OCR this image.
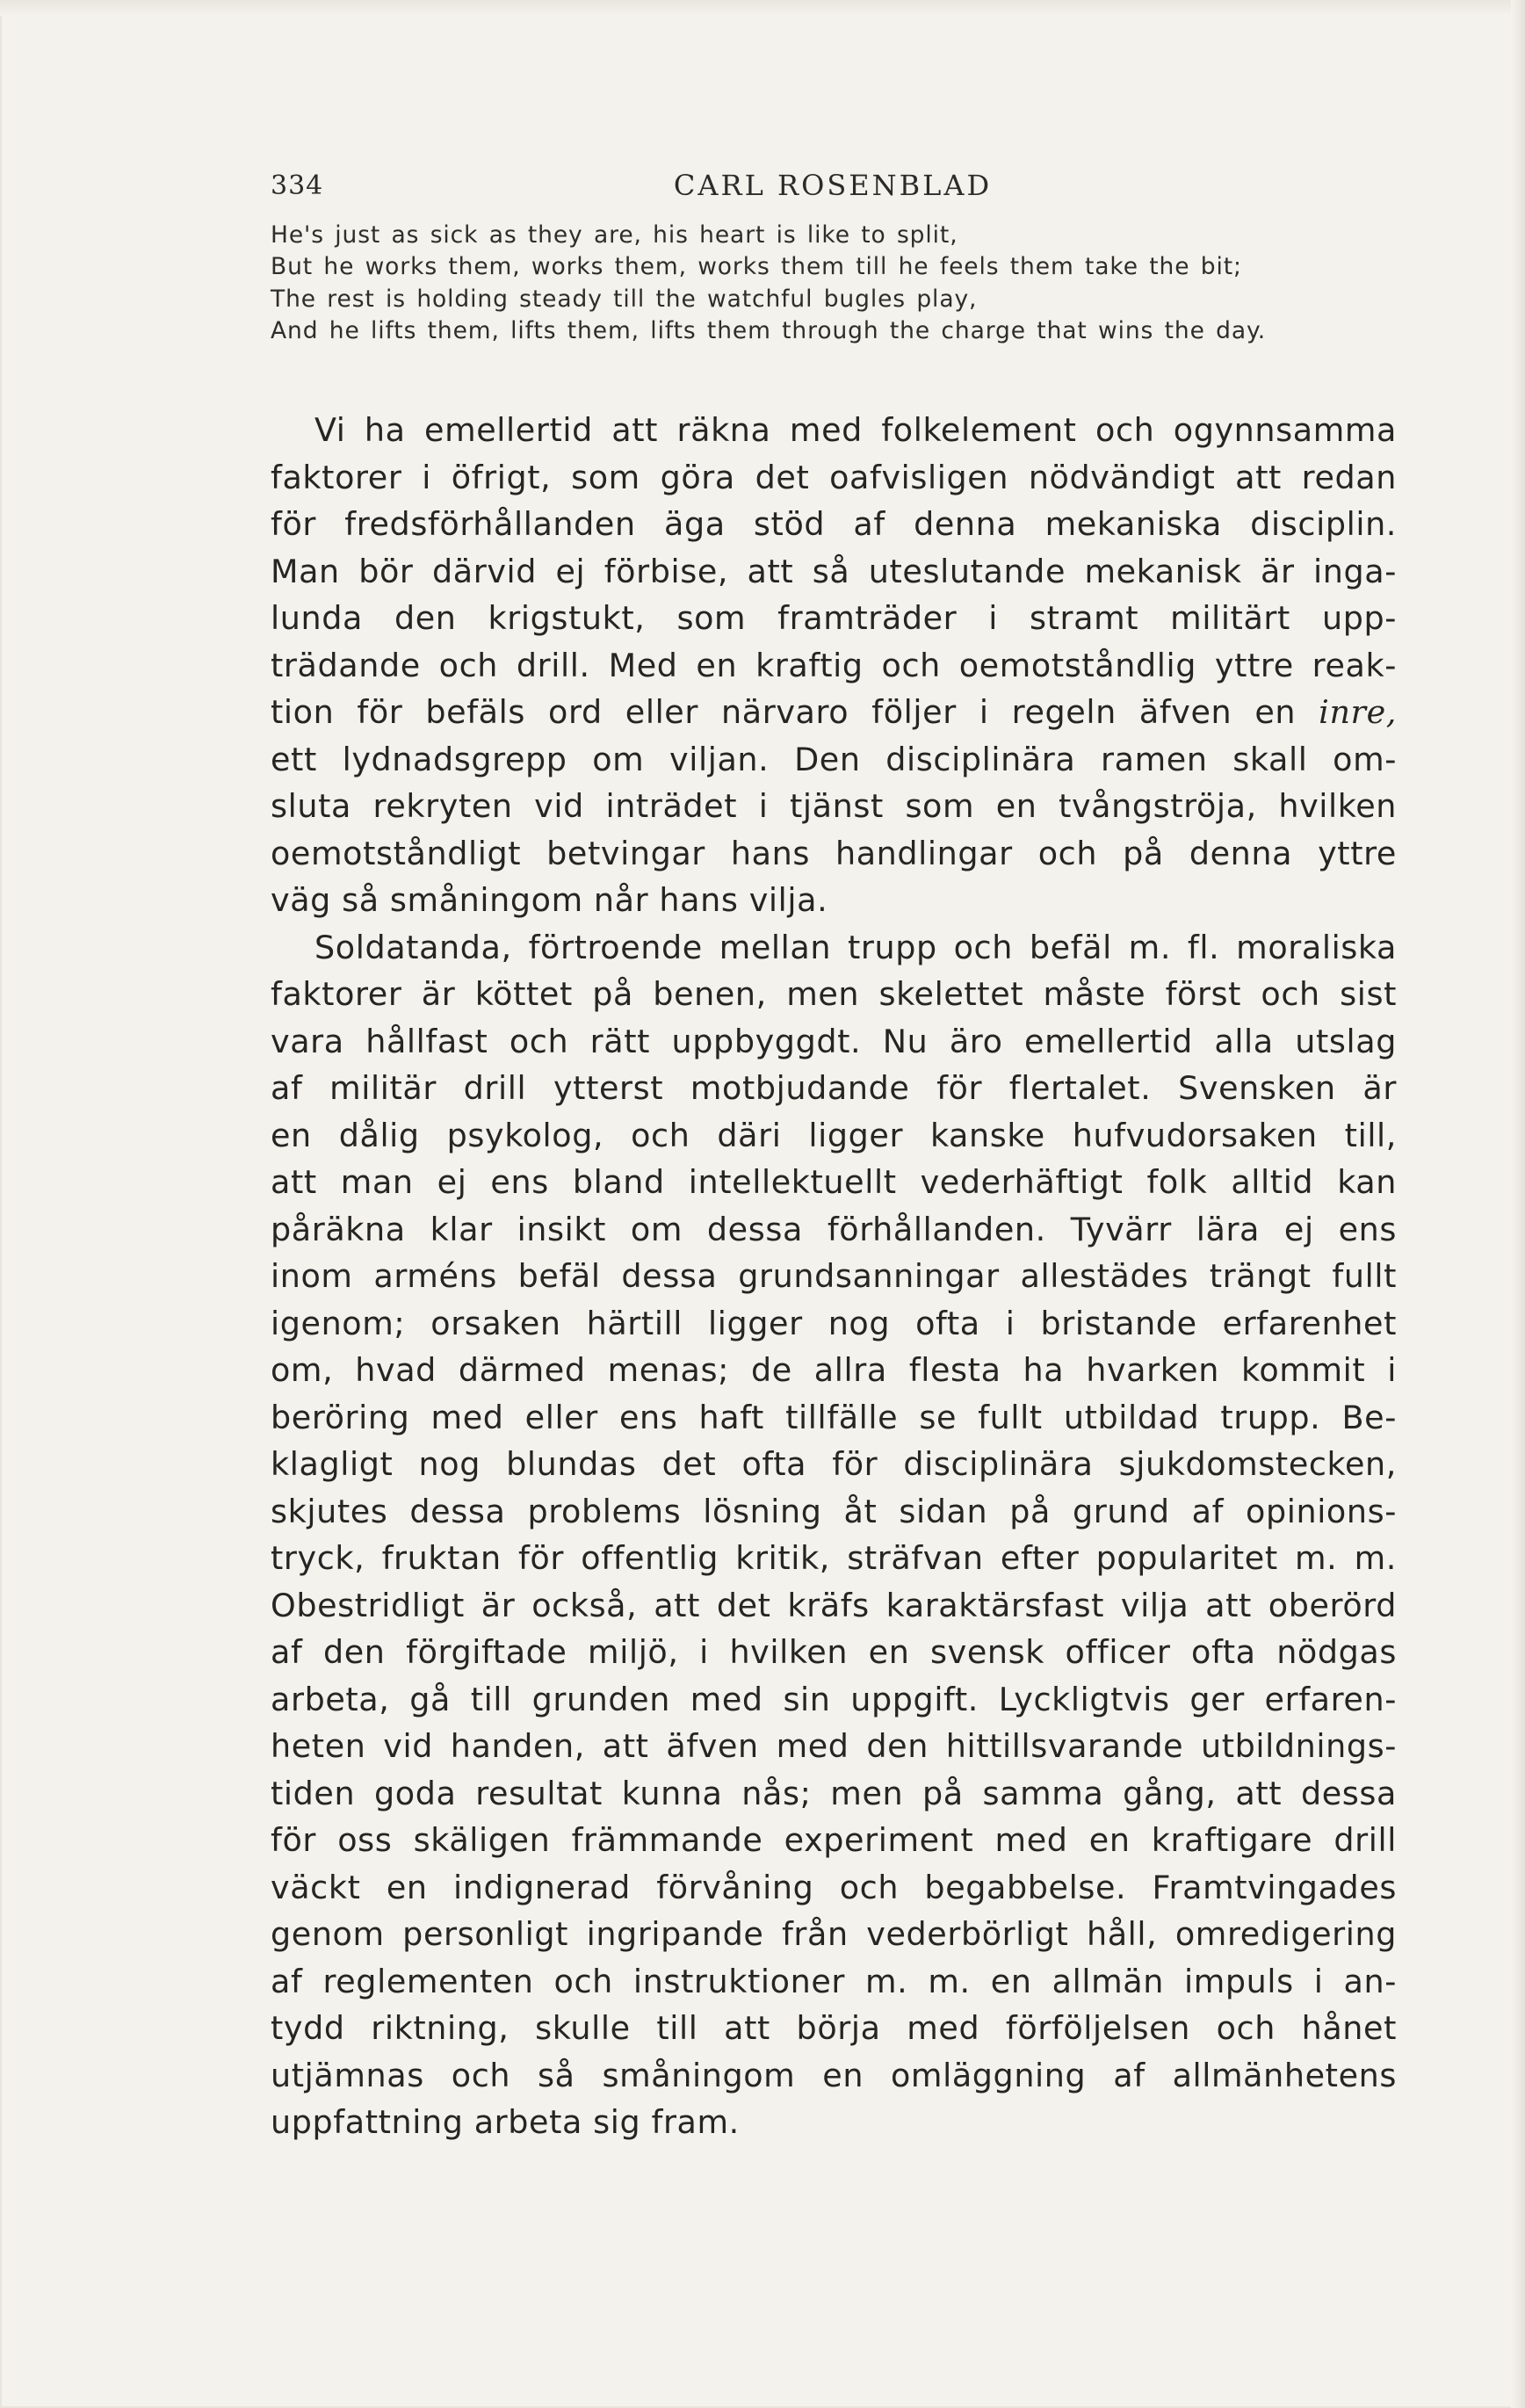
334	CARL ROSENBLAD
He's just as sick as they are, his heart is like to split,
But he works them, works them, works them till he feels them take the bit;
The rest is holding steady till the watchful bugles play,
And he lifts them, lifts them, lifts them through the charge that wins the day.
Vi ha emellertid att räkna med folkelement och ogynnsamma
faktorer i öfrigt, som göra det oafvisligen nödvändigt att redan
för fredsförhållanden äga stöd af denna mekaniska disciplin.
Man bör därvid ej förbise, att så uteslutande mekanisk är inga-
lunda den krigstukt, som framträder i stramt militärt upp-
trädande och drill. Med en kraftig och oemotståndlig yttre reak-
tion för befäls ord eller närvaro följer i regeln äfven en inre,
ett lydnadsgrepp om viljan. Den disciplinära ramen skall om-
sluta rekryten vid inträdet i tjänst som en tvångströja, hvilken
oemotståndligt betvingar hans handlingar och på denna yttre
väg så småningom når hans vilja.
Soldatanda, förtroende mellan trupp och befäl m. fl. moraliska
faktorer är köttet på benen, men skelettet måste först och sist
vara hållfast och rätt uppbyggdt. Nu äro emellertid alla utslag
af militär drill ytterst motbjudande för flertalet. Svensken är
en dålig psykolog, och däri ligger kanske hufvudorsaken till,
att man ej ens bland intellektuellt vederhäftigt folk alltid kan
påräkna klar insikt om dessa förhållanden. Tyvärr lära ej ens
inom arméns befäl dessa grundsanningar allestädes trängt fullt
igenom; orsaken härtill ligger nog ofta i bristande erfarenhet
om, hvad därmed menas; de allra flesta ha hvarken kommit i
beröring med eller ens haft tillfälle se fullt utbildad trupp. Be-
klagligt nog blundas det ofta för disciplinära sjukdomstecken,
skjutes dessa problems lösning åt sidan på grund af opinions-
tryck, fruktan för offentlig kritik, sträfvan efter popularitet m. m.
Obestridligt är också, att det kräfs karaktärsfast vilja att oberörd
af den förgiftade miljö, i hvilken en svensk officer ofta nödgas
arbeta, gå till grunden med sin uppgift. Lyckligtvis ger erfaren-
heten vid handen, att äfven med den hittillsvarande utbildnings-
tiden goda resultat kunna nås; men på samma gång, att dessa
för oss skäligen främmande experiment med en kraftigare drill
väckt en indignerad förvåning och begabbelse. Framtvingades
genom personligt ingripande från vederbörligt håll, omredigering
af reglementen och instruktioner m. m. en allmän impuls i an-
tydd riktning, skulle till att börja med förföljelsen och hånet
utjämnas och så småningom en omläggning af allmänhetens
uppfattning arbeta sig fram.
